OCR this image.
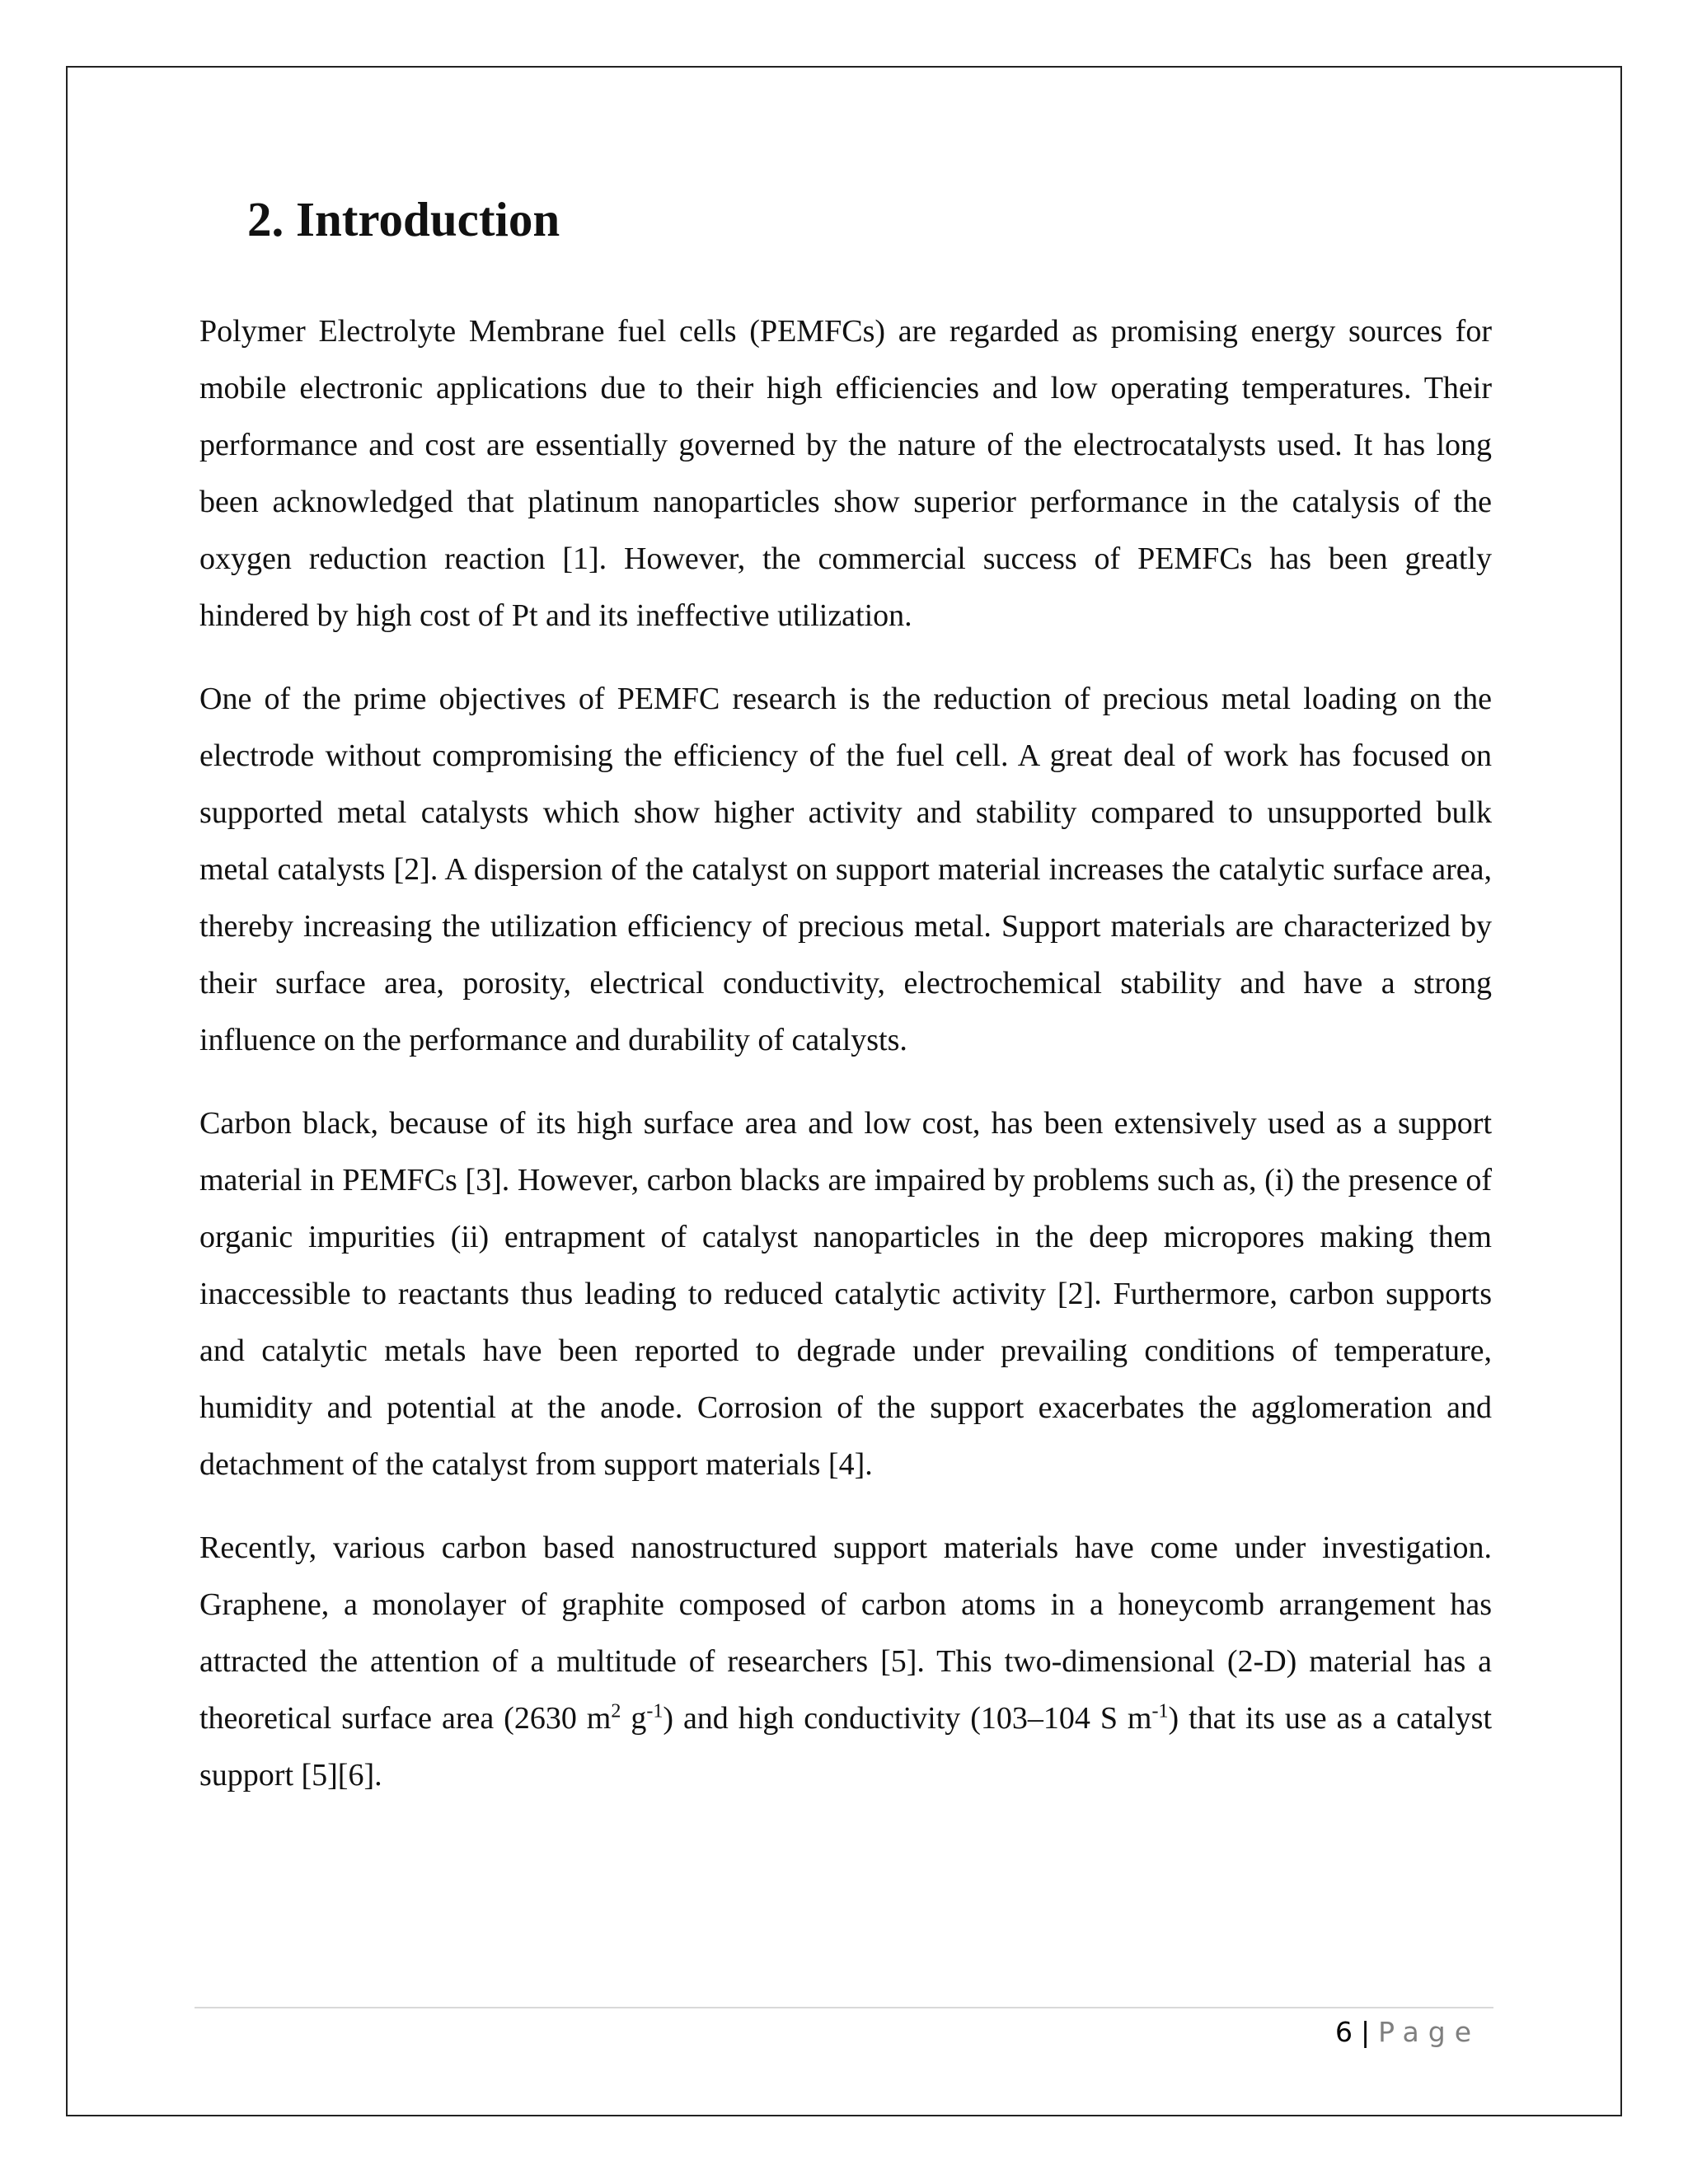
2. Introduction

Polymer Electrolyte Membrane fuel cells (PEMFCs) are regarded as promising energy sources for mobile electronic applications due to their high efficiencies and low operating temperatures. Their performance and cost are essentially governed by the nature of the electrocatalysts used. It has long been acknowledged that platinum nanoparticles show superior performance in the catalysis of the oxygen reduction reaction [1]. However, the commercial success of PEMFCs has been greatly hindered by high cost of Pt and its ineffective utilization.

One of the prime objectives of PEMFC research is the reduction of precious metal loading on the electrode without compromising the efficiency of the fuel cell. A great deal of work has focused on supported metal catalysts which show higher activity and stability compared to unsupported bulk metal catalysts [2]. A dispersion of the catalyst on support material increases the catalytic surface area, thereby increasing the utilization efficiency of precious metal. Support materials are characterized by their surface area, porosity, electrical conductivity, electrochemical stability and have a strong influence on the performance and durability of catalysts.

Carbon black, because of its high surface area and low cost, has been extensively used as a support material in PEMFCs [3]. However, carbon blacks are impaired by problems such as, (i) the presence of organic impurities (ii) entrapment of catalyst nanoparticles in the deep micropores making them inaccessible to reactants thus leading to reduced catalytic activity [2]. Furthermore, carbon supports and catalytic metals have been reported to degrade under prevailing conditions of temperature, humidity and potential at the anode. Corrosion of the support exacerbates the agglomeration and detachment of the catalyst from support materials [4].

Recently, various carbon based nanostructured support materials have come under investigation. Graphene, a monolayer of graphite composed of carbon atoms in a honeycomb arrangement has attracted the attention of a multitude of researchers [5]. This two-dimensional (2-D) material has a theoretical surface area (2630 $m^2$ $g^{-1}$) and high conductivity (103–104 S $m^{-1}$) that its use as a catalyst support [5][6].

6 | Page
